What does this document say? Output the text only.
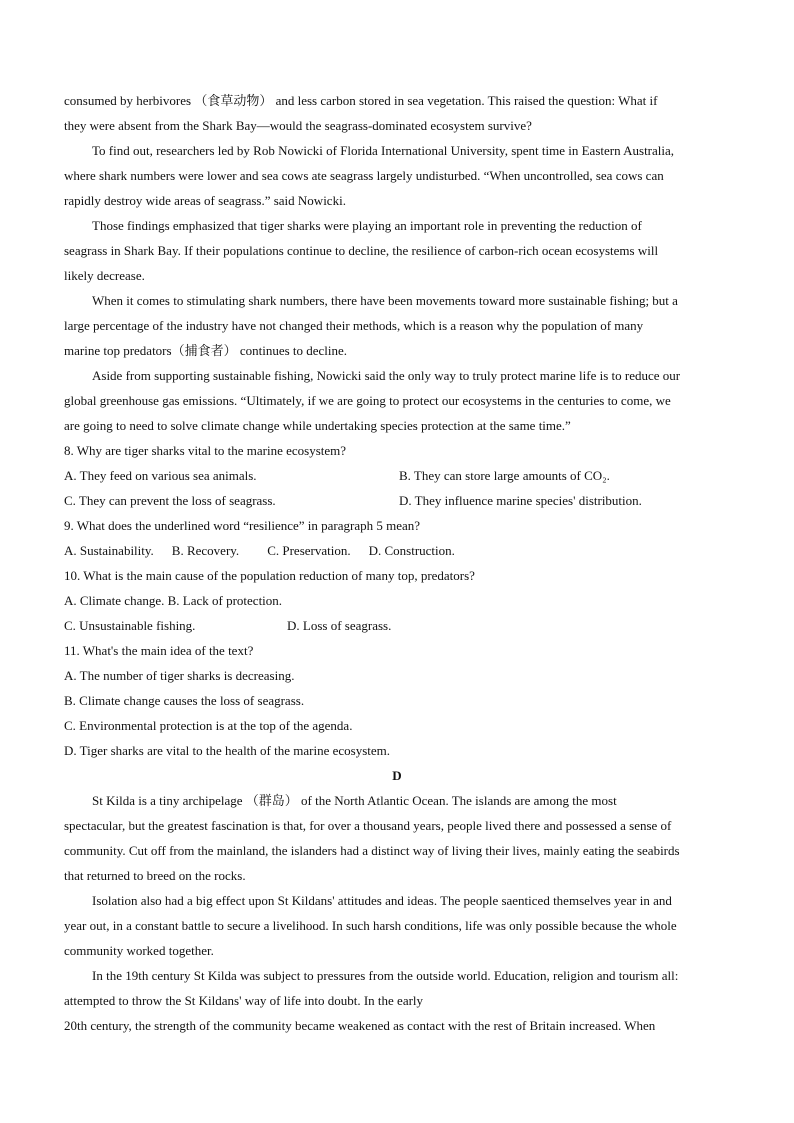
consumed by herbivores （食草动物） and less carbon stored in sea vegetation. This raised the question: What if
they were absent from the Shark Bay—would the seagrass-dominated ecosystem survive?
To find out, researchers led by Rob Nowicki of Florida International University, spent time in Eastern Australia,
where shark numbers were lower and sea cows ate seagrass largely undisturbed. “When uncontrolled, sea cows can
rapidly destroy wide areas of seagrass.” said Nowicki.
Those findings emphasized that tiger sharks were playing an important role in preventing the reduction of
seagrass in Shark Bay. If their populations continue to decline, the resilience of carbon-rich ocean ecosystems will
likely decrease.
When it comes to stimulating shark numbers, there have been movements toward more sustainable fishing; but a
large percentage of the industry have not changed their methods, which is a reason why the population of many
marine top predators（捕食者） continues to decline.
Aside from supporting sustainable fishing, Nowicki said the only way to truly protect marine life is to reduce our
global greenhouse gas emissions. “Ultimately, if we are going to protect our ecosystems in the centuries to come, we
are going to need to solve climate change while undertaking species protection at the same time.”
8. Why are tiger sharks vital to the marine ecosystem?
A. They feed on various sea animals.	B. They can store large amounts of CO₂.
C. They can prevent the loss of seagrass.	D. They influence marine species' distribution.
9. What does the underlined word “resilience” in paragraph 5 mean?
A. Sustainability. B. Recovery. C. Preservation. D. Construction.
10. What is the main cause of the population reduction of many top, predators?
A. Climate change. B. Lack of protection.
C. Unsustainable fishing.	D. Loss of seagrass.
11. What's the main idea of the text?
A. The number of tiger sharks is decreasing.
B. Climate change causes the loss of seagrass.
C. Environmental protection is at the top of the agenda.
D. Tiger sharks are vital to the health of the marine ecosystem.
D
St Kilda is a tiny archipelage （群岛） of the North Atlantic Ocean. The islands are among the most
spectacular, but the greatest fascination is that, for over a thousand years, people lived there and possessed a sense of
community. Cut off from the mainland, the islanders had a distinct way of living their lives, mainly eating the seabirds
that returned to breed on the rocks.
Isolation also had a big effect upon St Kildans' attitudes and ideas. The people saenticed themselves year in and
year out, in a constant battle to secure a livelihood. In such harsh conditions, life was only possible because the whole
community worked together.
In the 19th century St Kilda was subject to pressures from the outside world. Education, religion and tourism all:
attempted to throw the St Kildans' way of life into doubt. In the early
20th century, the strength of the community became weakened as contact with the rest of Britain increased. When
